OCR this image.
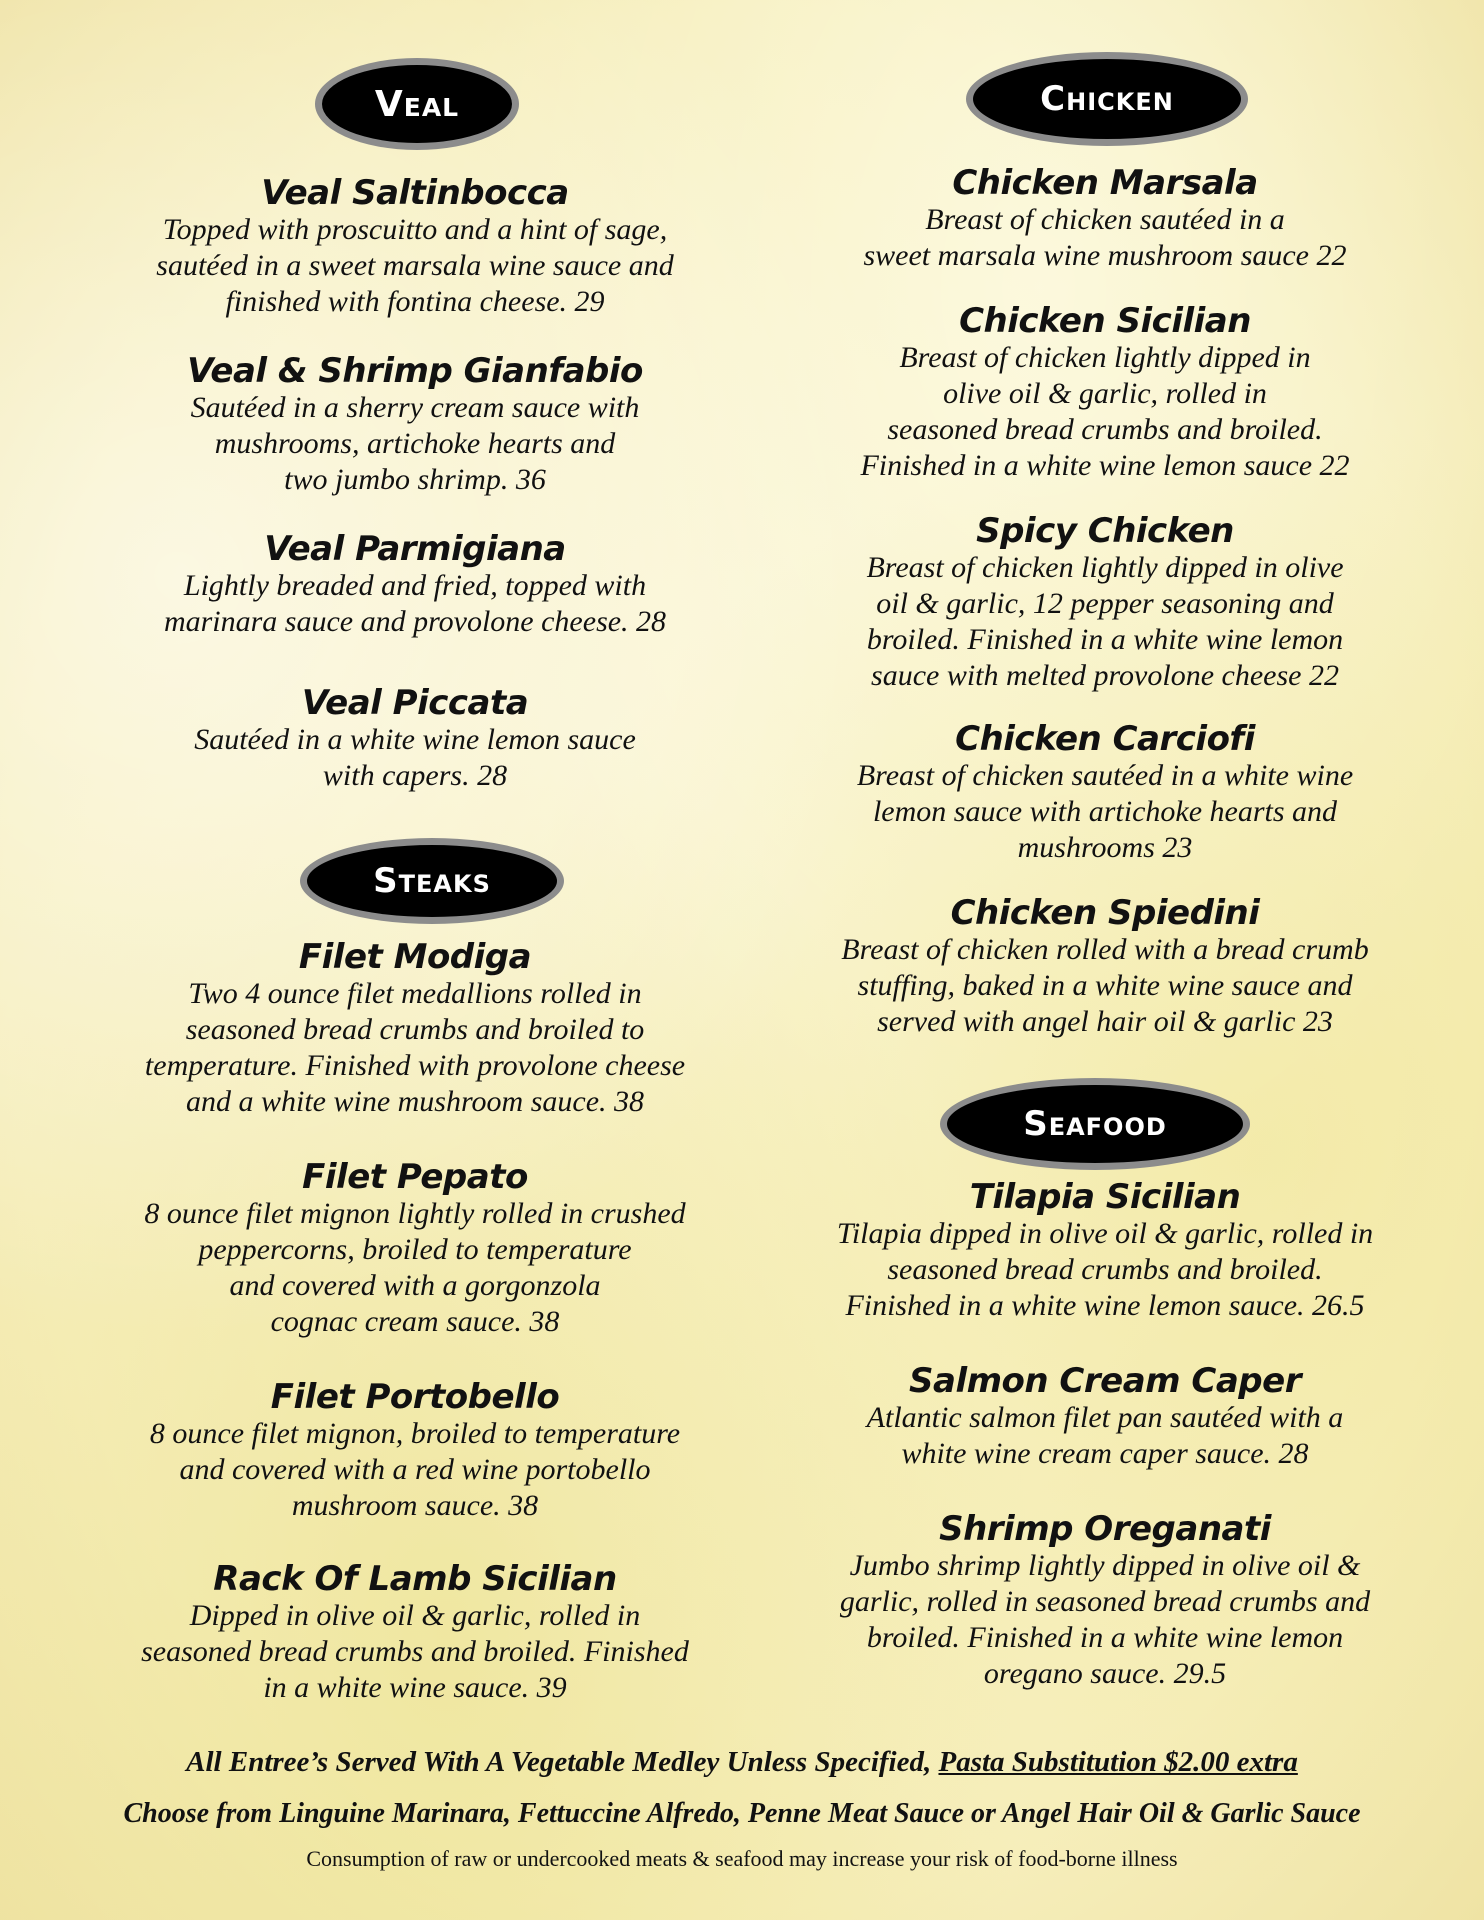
Veal

Veal Saltinbocca

Topped with proscuitto and a hint of sage,
sautéed in a sweet marsala wine sauce and
finished with fontina cheese. 29

Veal & Shrimp Gianfabio

Sautéed in a sherry cream sauce with
mushrooms, artichoke hearts and
two jumbo shrimp. 36

Veal Parmigiana

Lightly breaded and fried, topped with
marinara sauce and provolone cheese. 28

Veal Piccata

Sautéed in a white wine lemon sauce
with capers. 28

Steaks

Filet Modiga

Two 4 ounce filet medallions rolled in
seasoned bread crumbs and broiled to
temperature. Finished with provolone cheese
and a white wine mushroom sauce. 38

Filet Pepato

8 ounce filet mignon lightly rolled in crushed
peppercorns, broiled to temperature
and covered with a gorgonzola
cognac cream sauce. 38

Filet Portobello

8 ounce filet mignon, broiled to temperature
and covered with a red wine portobello
mushroom sauce. 38

Rack Of Lamb Sicilian

Dipped in olive oil & garlic, rolled in
seasoned bread crumbs and broiled. Finished
in a white wine sauce. 39

Chicken

Chicken Marsala

Breast of chicken sautéed in a
sweet marsala wine mushroom sauce 22

Chicken Sicilian

Breast of chicken lightly dipped in
olive oil & garlic, rolled in
seasoned bread crumbs and broiled.
Finished in a white wine lemon sauce 22

Spicy Chicken

Breast of chicken lightly dipped in olive
oil & garlic, 12 pepper seasoning and
broiled. Finished in a white wine lemon
sauce with melted provolone cheese 22

Chicken Carciofi

Breast of chicken sautéed in a white wine
lemon sauce with artichoke hearts and
mushrooms 23

Chicken Spiedini

Breast of chicken rolled with a bread crumb
stuffing, baked in a white wine sauce and
served with angel hair oil & garlic 23

Seafood

Tilapia Sicilian

Tilapia dipped in olive oil & garlic, rolled in
seasoned bread crumbs and broiled.
Finished in a white wine lemon sauce. 26.5

Salmon Cream Caper

Atlantic salmon filet pan sautéed with a
white wine cream caper sauce. 28

Shrimp Oreganati

Jumbo shrimp lightly dipped in olive oil &
garlic, rolled in seasoned bread crumbs and
broiled. Finished in a white wine lemon
oregano sauce. 29.5

All Entree’s Served With A Vegetable Medley Unless Specified, Pasta Substitution $2.00 extra
Choose from Linguine Marinara, Fettuccine Alfredo, Penne Meat Sauce or Angel Hair Oil & Garlic Sauce
Consumption of raw or undercooked meats & seafood may increase your risk of food-borne illness
